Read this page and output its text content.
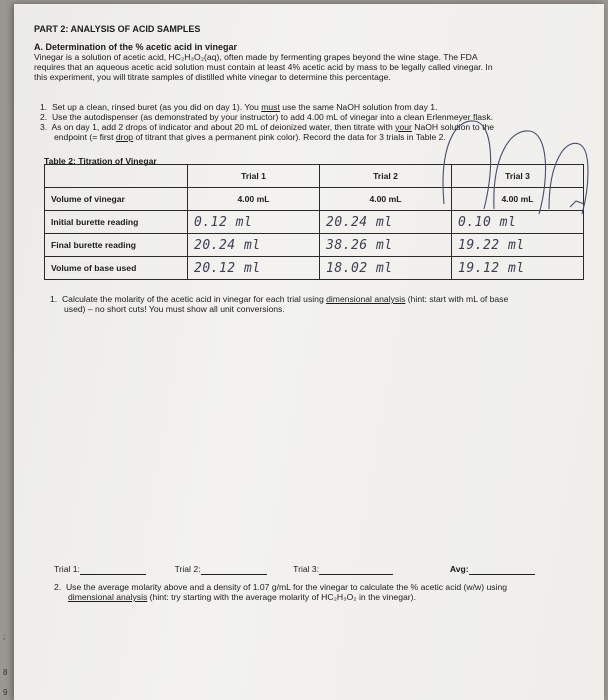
PART 2: ANALYSIS OF ACID SAMPLES
A. Determination of the % acetic acid in vinegar
Vinegar is a solution of acetic acid, HC₂H₃O₂(aq), often made by fermenting grapes beyond the wine stage. The FDA
requires that an aqueous acetic acid solution must contain at least 4% acetic acid by mass to be legally called vinegar. In
this experiment, you will titrate samples of distilled white vinegar to determine this percentage.
1. Set up a clean, rinsed buret (as you did on day 1). You must use the same NaOH solution from day 1.
2. Use the autodispenser (as demonstrated by your instructor) to add 4.00 mL of vinegar into a clean Erlenmeyer flask.
3. As on day 1, add 2 drops of indicator and about 20 mL of deionized water, then titrate with your NaOH solution to the
endpoint (= first drop of titrant that gives a permanent pink color). Record the data for 3 trials in Table 2.
Table 2: Titration of Vinegar
	Trial 1	Trial 2	Trial 3
Volume of vinegar	4.00 mL	4.00 mL	4.00 mL
Initial burette reading	0.12 ml	20.24 ml	0.10 ml
Final burette reading	20.24 ml	38.26 ml	19.22 ml
Volume of base used	20.12 ml	18.02 ml	19.12 ml
1. Calculate the molarity of the acetic acid in vinegar for each trial using dimensional analysis (hint: start with mL of base
used) – no short cuts! You must show all unit conversions.
Trial 1:	Trial 2:	Trial 3:	Avg:
2. Use the average molarity above and a density of 1.07 g/mL for the vinegar to calculate the % acetic acid (w/w) using
dimensional analysis (hint: try starting with the average molarity of HC₂H₃O₂ in the vinegar).
;
8
9
